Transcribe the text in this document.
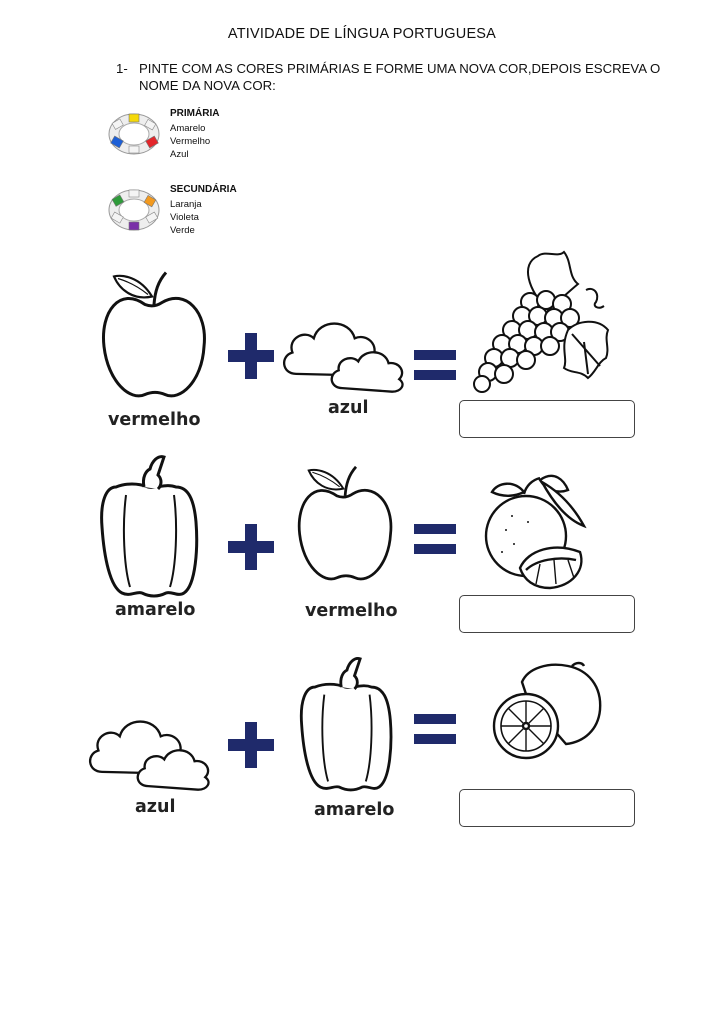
ATIVIDADE DE LÍNGUA PORTUGUESA
1- PINTE COM AS CORES PRIMÁRIAS E FORME UMA NOVA COR,DEPOIS ESCREVA O NOME DA NOVA COR:
PRIMÁRIA
Amarelo
Vermelho
Azul
SECUNDÁRIA
Laranja
Violeta
Verde
vermelho
azul
amarelo	vermelho
azul	amarelo
